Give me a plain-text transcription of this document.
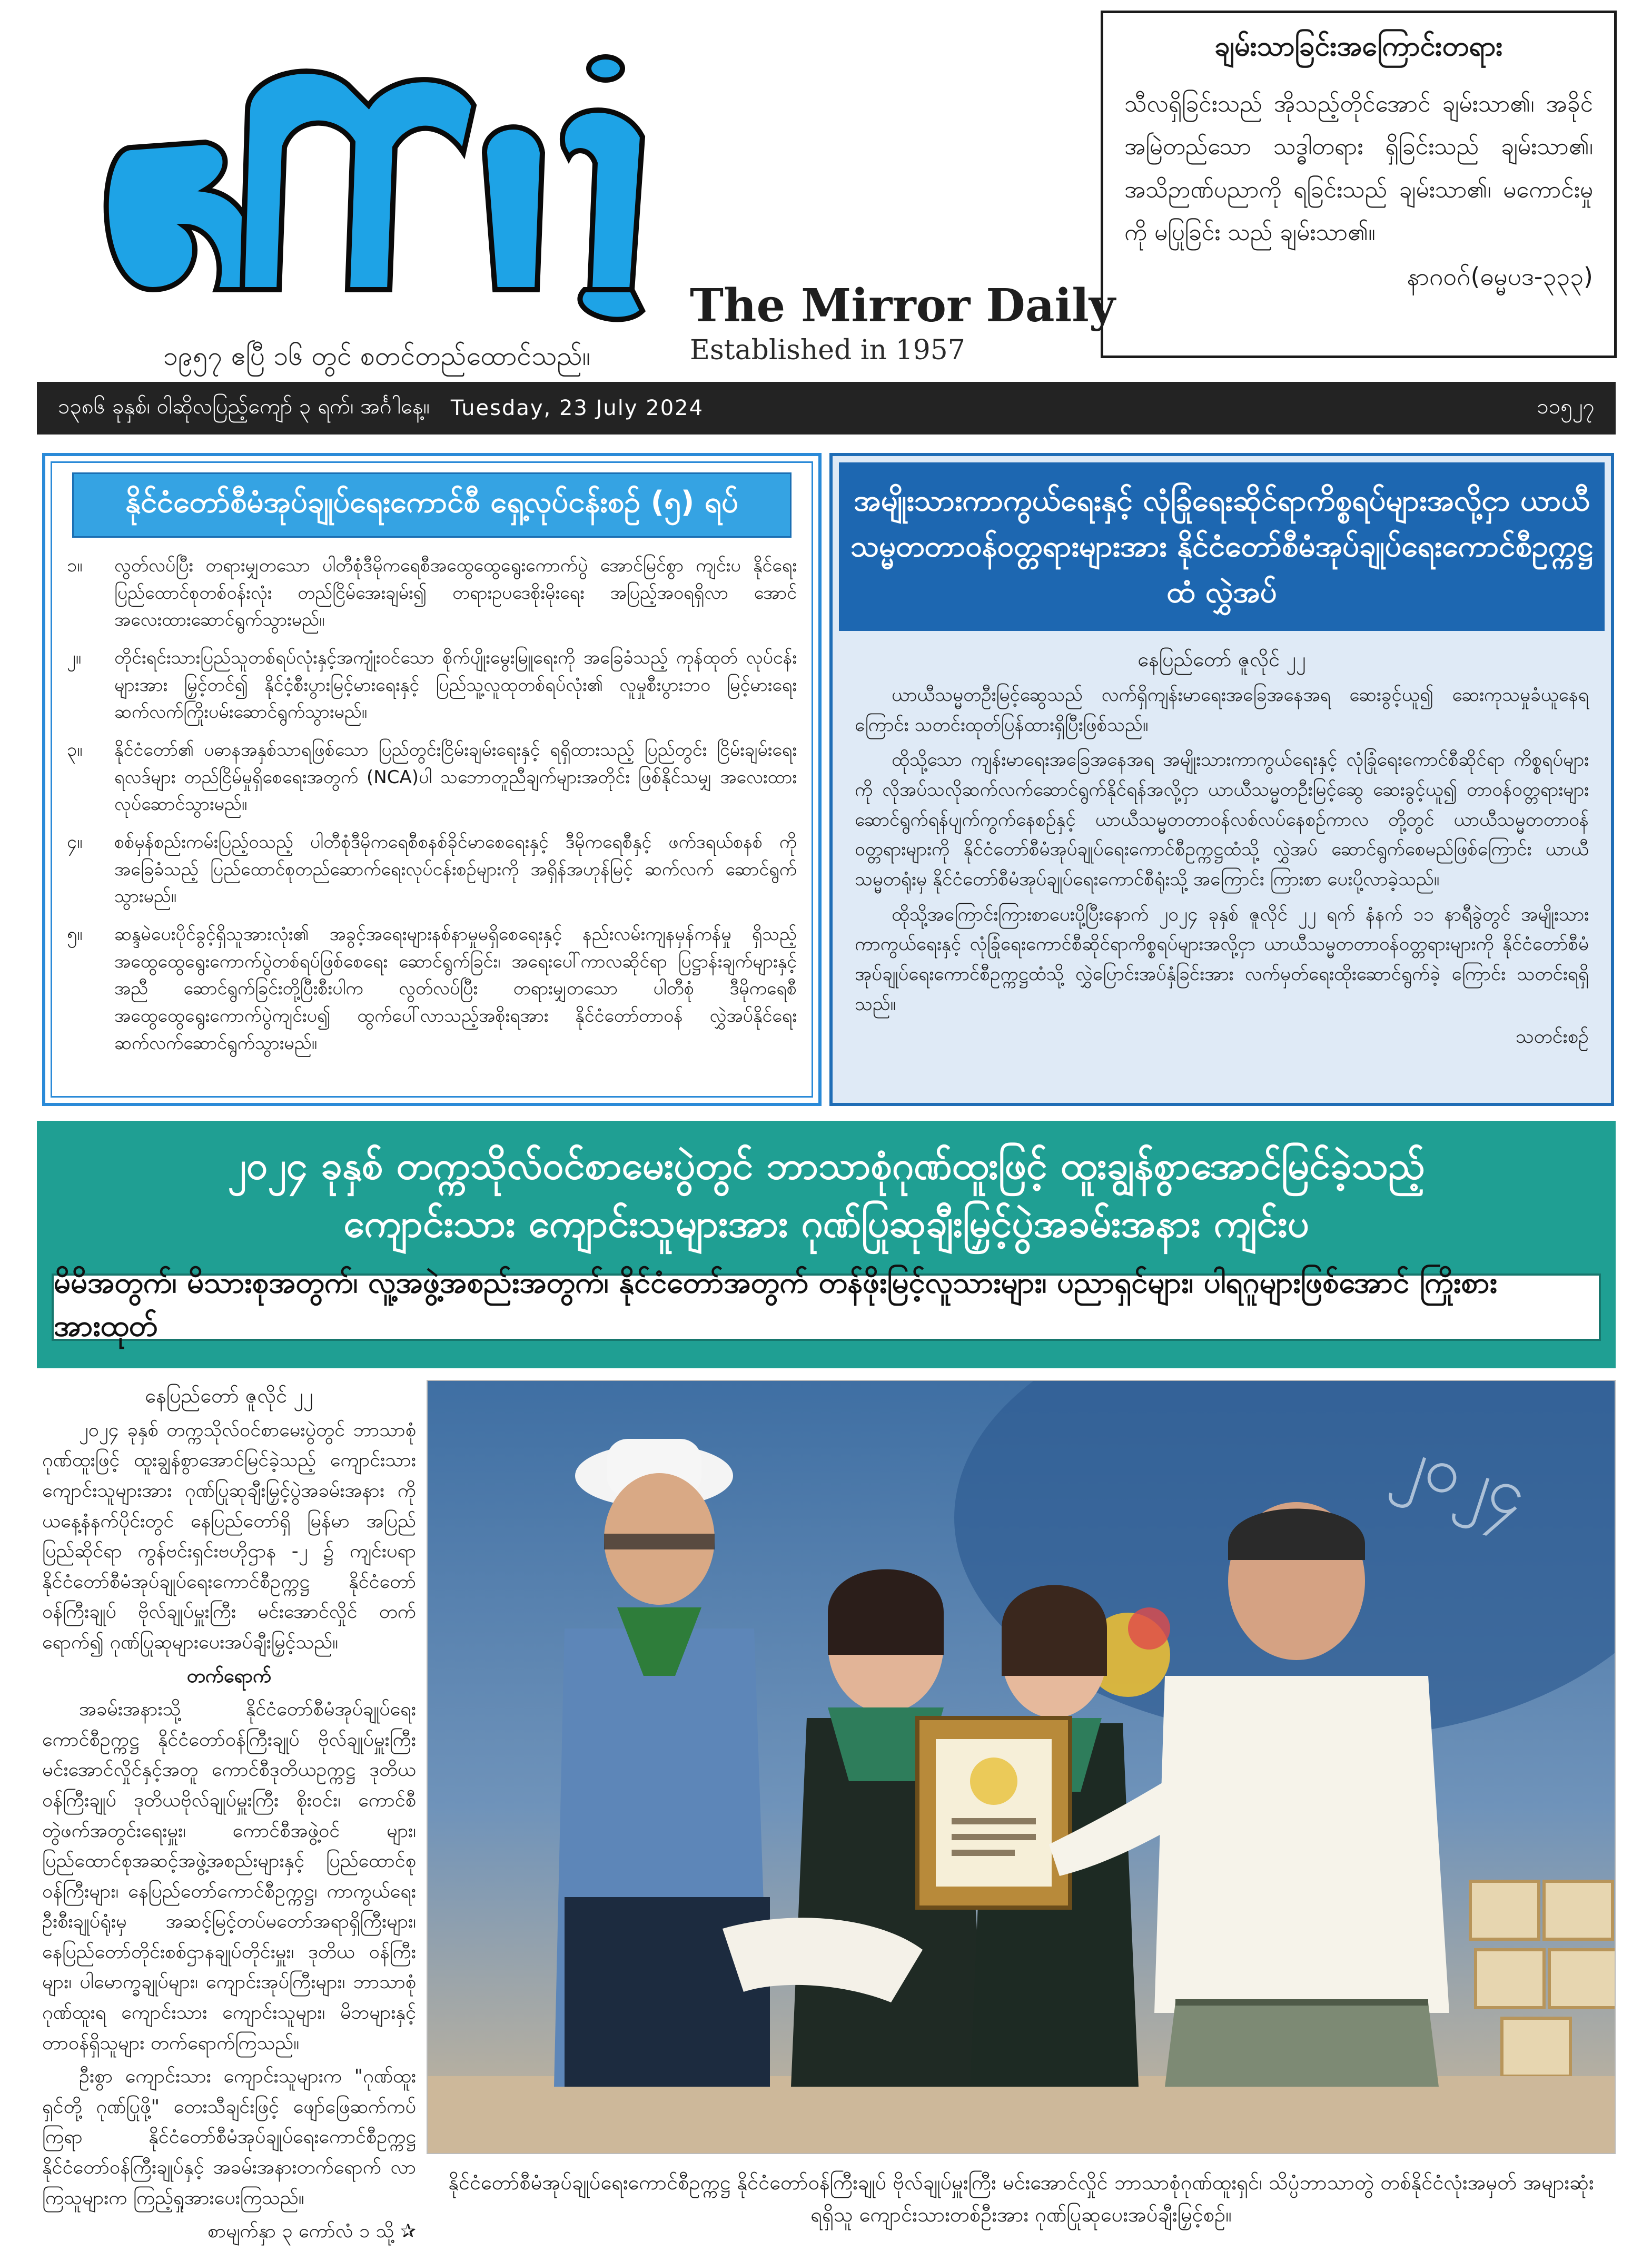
The Mirror Daily
Established in 1957
၁၉၅၇ ဧပြီ ၁၆ တွင် စတင်တည်ထောင်သည်။
ချမ်းသာခြင်းအကြောင်းတရား
သီလရှိခြင်းသည် အိုသည့်တိုင်အောင် ချမ်းသာ၏၊ အခိုင်အမြဲတည်သော သဒ္ဓါတရား ရှိခြင်းသည် ချမ်းသာ၏၊ အသိဉာဏ်ပညာကို ရခြင်းသည် ချမ်းသာ၏၊ မကောင်းမှုကို မပြုခြင်း သည် ချမ်းသာ၏။
နာဂဝဂ်(ဓမ္မပဒ-၃၃၃)
၁၃၈၆ ခုနှစ်၊ ဝါဆိုလပြည့်ကျော် ၃ ရက်၊ အင်္ဂါနေ့။ Tuesday, 23 July 2024	၁၁၅၂၇
နိုင်ငံတော်စီမံအုပ်ချုပ်ရေးကောင်စီ ရှေ့လုပ်ငန်းစဉ် (၅) ရပ်
၁။	လွတ်လပ်ပြီး တရားမျှတသော ပါတီစုံဒီမိုကရေစီအထွေထွေရွေးကောက်ပွဲ အောင်မြင်စွာ ကျင်းပ နိုင်ရေး ပြည်ထောင်စုတစ်ဝန်းလုံး တည်ငြိမ်အေးချမ်း၍ တရားဥပဒေစိုးမိုးရေး အပြည့်အဝရရှိလာ အောင် အလေးထားဆောင်ရွက်သွားမည်။
၂။	တိုင်းရင်းသားပြည်သူတစ်ရပ်လုံးနှင့်အကျုံးဝင်သော စိုက်ပျိုးမွေးမြူရေးကို အခြေခံသည့် ကုန်ထုတ် လုပ်ငန်းများအား မြှင့်တင်၍ နိုင်ငံ့စီးပွားမြင့်မားရေးနှင့် ပြည်သူ့လူထုတစ်ရပ်လုံး၏ လူမှုစီးပွားဘဝ မြင့်မားရေး ဆက်လက်ကြိုးပမ်းဆောင်ရွက်သွားမည်။
၃။	နိုင်ငံတော်၏ ပဓာနအနှစ်သာရဖြစ်သော ပြည်တွင်းငြိမ်းချမ်းရေးနှင့် ရရှိထားသည့် ပြည်တွင်း ငြိမ်းချမ်းရေးရလဒ်များ တည်ငြိမ်မှုရှိစေရေးအတွက် (NCA)ပါ သဘောတူညီချက်များအတိုင်း ဖြစ်နိုင်သမျှ အလေးထား လုပ်ဆောင်သွားမည်။
၄။	စစ်မှန်စည်းကမ်းပြည့်ဝသည့် ပါတီစုံဒီမိုကရေစီစနစ်ခိုင်မာစေရေးနှင့် ဒီမိုကရေစီနှင့် ဖက်ဒရယ်စနစ် ကို အခြေခံသည့် ပြည်ထောင်စုတည်ဆောက်ရေးလုပ်ငန်းစဉ်များကို အရှိန်အဟုန်မြင့် ဆက်လက် ဆောင်ရွက်သွားမည်။
၅။	ဆန္ဒမဲပေးပိုင်ခွင့်ရှိသူအားလုံး၏ အခွင့်အရေးများနစ်နာမှုမရှိစေရေးနှင့် နည်းလမ်းကျနမှန်ကန်မှု ရှိသည့် အထွေထွေရွေးကောက်ပွဲတစ်ရပ်ဖြစ်စေရေး ဆောင်ရွက်ခြင်း၊ အရေးပေါ်ကာလဆိုင်ရာ ပြဋ္ဌာန်းချက်များနှင့်အညီ ဆောင်ရွက်ခြင်းတို့ပြီးစီးပါက လွတ်လပ်ပြီး တရားမျှတသော ပါတီစုံ ဒီမိုကရေစီ အထွေထွေရွေးကောက်ပွဲကျင်းပ၍ ထွက်ပေါ်လာသည့်အစိုးရအား နိုင်ငံတော်တာဝန် လွှဲအပ်နိုင်ရေး ဆက်လက်ဆောင်ရွက်သွားမည်။
အမျိုးသားကာကွယ်ရေးနှင့် လုံခြုံရေးဆိုင်ရာကိစ္စရပ်များအလို့ငှာ ယာယီသမ္မတတာဝန်ဝတ္တရားများအား နိုင်ငံတော်စီမံအုပ်ချုပ်ရေးကောင်စီဥက္ကဋ္ဌထံ လွှဲအပ်
နေပြည်တော် ဇူလိုင် ၂၂

ယာယီသမ္မတဦးမြင့်ဆွေသည် လက်ရှိကျန်းမာရေးအခြေအနေအရ ဆေးခွင့်ယူ၍ ဆေးကုသမှုခံယူနေရ ကြောင်း သတင်းထုတ်ပြန်ထားရှိပြီးဖြစ်သည်။

ထိုသို့သော ကျန်းမာရေးအခြေအနေအရ အမျိုးသားကာကွယ်ရေးနှင့် လုံခြုံရေးကောင်စီဆိုင်ရာ ကိစ္စရပ်များကို လိုအပ်သလိုဆက်လက်ဆောင်ရွက်နိုင်ရန်အလို့ငှာ ယာယီသမ္မတဦးမြင့်ဆွေ ဆေးခွင့်ယူ၍ တာဝန်ဝတ္တရားများ ဆောင်ရွက်ရန်ပျက်ကွက်နေစဉ်နှင့် ယာယီသမ္မတတာဝန်လစ်လပ်နေစဉ်ကာလ တို့တွင် ယာယီသမ္မတတာဝန်ဝတ္တရားများကို နိုင်ငံတော်စီမံအုပ်ချုပ်ရေးကောင်စီဥက္ကဋ္ဌထံသို့ လွှဲအပ် ဆောင်ရွက်စေမည်ဖြစ်ကြောင်း ယာယီသမ္မတရုံးမှ နိုင်ငံတော်စီမံအုပ်ချုပ်ရေးကောင်စီရုံးသို့ အကြောင်း ကြားစာ ပေးပို့လာခဲ့သည်။

ထိုသို့အကြောင်းကြားစာပေးပို့ပြီးနောက် ၂၀၂၄ ခုနှစ် ဇူလိုင် ၂၂ ရက် နံနက် ၁၁ နာရီခွဲတွင် အမျိုးသား ကာကွယ်ရေးနှင့် လုံခြုံရေးကောင်စီဆိုင်ရာကိစ္စရပ်များအလို့ငှာ ယာယီသမ္မတတာဝန်ဝတ္တရားများကို နိုင်ငံတော်စီမံအုပ်ချုပ်ရေးကောင်စီဥက္ကဋ္ဌထံသို့ လွှဲပြောင်းအပ်နှံခြင်းအား လက်မှတ်ရေးထိုးဆောင်ရွက်ခဲ့ ကြောင်း သတင်းရရှိသည်။

သတင်းစဉ်
၂၀၂၄ ခုနှစ် တက္ကသိုလ်ဝင်စာမေးပွဲတွင် ဘာသာစုံဂုဏ်ထူးဖြင့် ထူးချွန်စွာအောင်မြင်ခဲ့သည့်
ကျောင်းသား ကျောင်းသူများအား ဂုဏ်ပြုဆုချီးမြှင့်ပွဲအခမ်းအနား ကျင်းပ
မိမိအတွက်၊ မိသားစုအတွက်၊ လူ့အဖွဲ့အစည်းအတွက်၊ နိုင်ငံတော်အတွက် တန်ဖိုးမြင့်လူသားများ၊ ပညာရှင်များ၊ ပါရဂူများဖြစ်အောင် ကြိုးစားအားထုတ်
နေပြည်တော် ဇူလိုင် ၂၂

၂၀၂၄ ခုနှစ် တက္ကသိုလ်ဝင်စာမေးပွဲတွင် ဘာသာစုံ ဂုဏ်ထူးဖြင့် ထူးချွန်စွာအောင်မြင်ခဲ့သည့် ကျောင်းသား ကျောင်းသူများအား ဂုဏ်ပြုဆုချီးမြှင့်ပွဲအခမ်းအနား ကို ယနေ့နံနက်ပိုင်းတွင် နေပြည်တော်ရှိ မြန်မာ အပြည်ပြည်ဆိုင်ရာ ကွန်ဗင်းရှင်းဗဟိုဌာန -၂ ၌ ကျင်းပရာ နိုင်ငံတော်စီမံအုပ်ချုပ်ရေးကောင်စီဥက္ကဋ္ဌ နိုင်ငံတော်ဝန်ကြီးချုပ် ဗိုလ်ချုပ်မှူးကြီး မင်းအောင်လှိုင် တက်ရောက်၍ ဂုဏ်ပြုဆုများပေးအပ်ချီးမြှင့်သည်။

တက်ရောက်

အခမ်းအနားသို့ နိုင်ငံတော်စီမံအုပ်ချုပ်ရေး ကောင်စီဥက္ကဋ္ဌ နိုင်ငံတော်ဝန်ကြီးချုပ် ဗိုလ်ချုပ်မှူးကြီး မင်းအောင်လှိုင်နှင့်အတူ ကောင်စီဒုတိယဥက္ကဋ္ဌ ဒုတိယဝန်ကြီးချုပ် ဒုတိယဗိုလ်ချုပ်မှူးကြီး စိုးဝင်း၊ ကောင်စီတွဲဖက်အတွင်းရေးမှူး၊ ကောင်စီအဖွဲ့ဝင် များ၊ ပြည်ထောင်စုအဆင့်အဖွဲ့အစည်းများနှင့် ပြည်ထောင်စု ဝန်ကြီးများ၊ နေပြည်တော်ကောင်စီဥက္ကဋ္ဌ၊ ကာကွယ်ရေး ဦးစီးချုပ်ရုံးမှ အဆင့်မြင့်တပ်မတော်အရာရှိကြီးများ၊ နေပြည်တော်တိုင်းစစ်ဌာနချုပ်တိုင်းမှူး၊ ဒုတိယ ဝန်ကြီးများ၊ ပါမောက္ခချုပ်များ၊ ကျောင်းအုပ်ကြီးများ၊ ဘာသာစုံဂုဏ်ထူးရ ကျောင်းသား ကျောင်းသူများ၊ မိဘများနှင့် တာဝန်ရှိသူများ တက်ရောက်ကြသည်။

ဦးစွာ ကျောင်းသား ကျောင်းသူများက "ဂုဏ်ထူး ရှင်တို့ ဂုဏ်ပြုဖို့" တေးသီချင်းဖြင့် ဖျော်ဖြေဆက်ကပ် ကြရာ နိုင်ငံတော်စီမံအုပ်ချုပ်ရေးကောင်စီဥက္ကဋ္ဌ နိုင်ငံတော်ဝန်ကြီးချုပ်နှင့် အခမ်းအနားတက်ရောက် လာကြသူများက ကြည့်ရှုအားပေးကြသည်။

စာမျက်နှာ ၃ ကော်လံ ၁ သို့ ✰
၂၀၂၄
နိုင်ငံတော်စီမံအုပ်ချုပ်ရေးကောင်စီဥက္ကဋ္ဌ နိုင်ငံတော်ဝန်ကြီးချုပ် ဗိုလ်ချုပ်မှူးကြီး မင်းအောင်လှိုင် ဘာသာစုံဂုဏ်ထူးရှင်၊ သိပ္ပံဘာသာတွဲ တစ်နိုင်ငံလုံးအမှတ် အများဆုံးရရှိသူ ကျောင်းသားတစ်ဦးအား ဂုဏ်ပြုဆုပေးအပ်ချီးမြှင့်စဉ်။
